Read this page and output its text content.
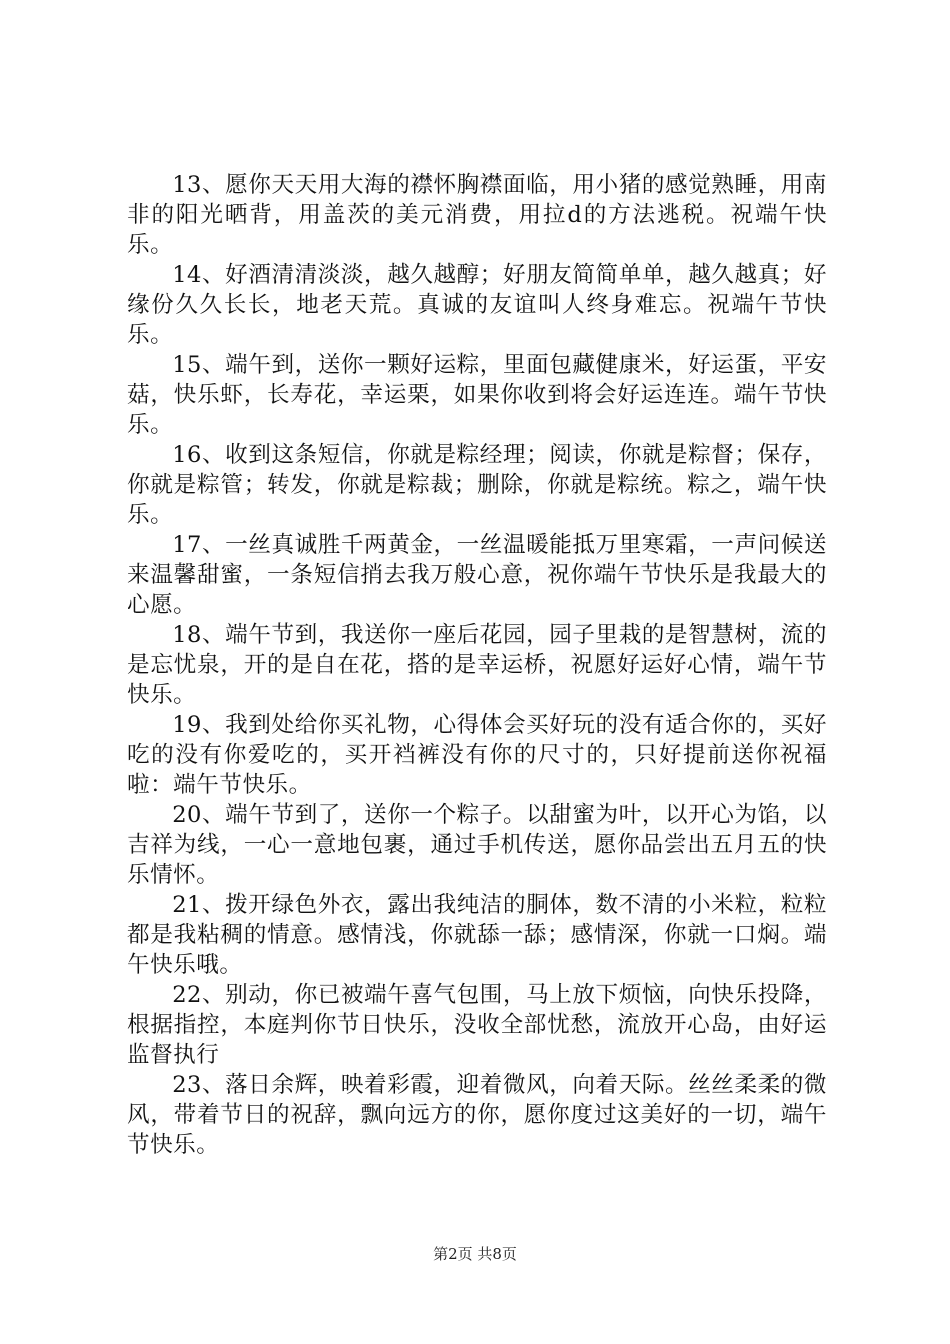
13、愿你天天用大海的襟怀胸襟面临，用小猪的感觉熟睡，用南非的阳光晒背，用盖茨的美元消费，用拉d的方法逃税。祝端午快乐。

14、好酒清清淡淡，越久越醇；好朋友简简单单，越久越真；好缘份久久长长，地老天荒。真诚的友谊叫人终身难忘。祝端午节快乐。

15、端午到，送你一颗好运粽，里面包藏健康米，好运蛋，平安菇，快乐虾，长寿花，幸运栗，如果你收到将会好运连连。端午节快乐。

16、收到这条短信，你就是粽经理；阅读，你就是粽督；保存，你就是粽管；转发，你就是粽裁；删除，你就是粽统。粽之，端午快乐。

17、一丝真诚胜千两黄金，一丝温暖能抵万里寒霜，一声问候送来温馨甜蜜，一条短信捎去我万般心意，祝你端午节快乐是我最大的心愿。

18、端午节到，我送你一座后花园，园子里栽的是智慧树，流的是忘忧泉，开的是自在花，搭的是幸运桥，祝愿好运好心情，端午节快乐。

19、我到处给你买礼物，心得体会买好玩的没有适合你的，买好吃的没有你爱吃的，买开裆裤没有你的尺寸的，只好提前送你祝福啦：端午节快乐。

20、端午节到了，送你一个粽子。以甜蜜为叶，以开心为馅，以吉祥为线，一心一意地包裹，通过手机传送，愿你品尝出五月五的快乐情怀。

21、拨开绿色外衣，露出我纯洁的胴体，数不清的小米粒，粒粒都是我粘稠的情意。感情浅，你就舔一舔；感情深，你就一口焖。端午快乐哦。

22、别动，你已被端午喜气包围，马上放下烦恼，向快乐投降，根据指控，本庭判你节日快乐，没收全部忧愁，流放开心岛，由好运监督执行

23、落日余辉，映着彩霞，迎着微风，向着天际。丝丝柔柔的微风，带着节日的祝辞，飘向远方的你，愿你度过这美好的一切，端午节快乐。

第2页 共8页
